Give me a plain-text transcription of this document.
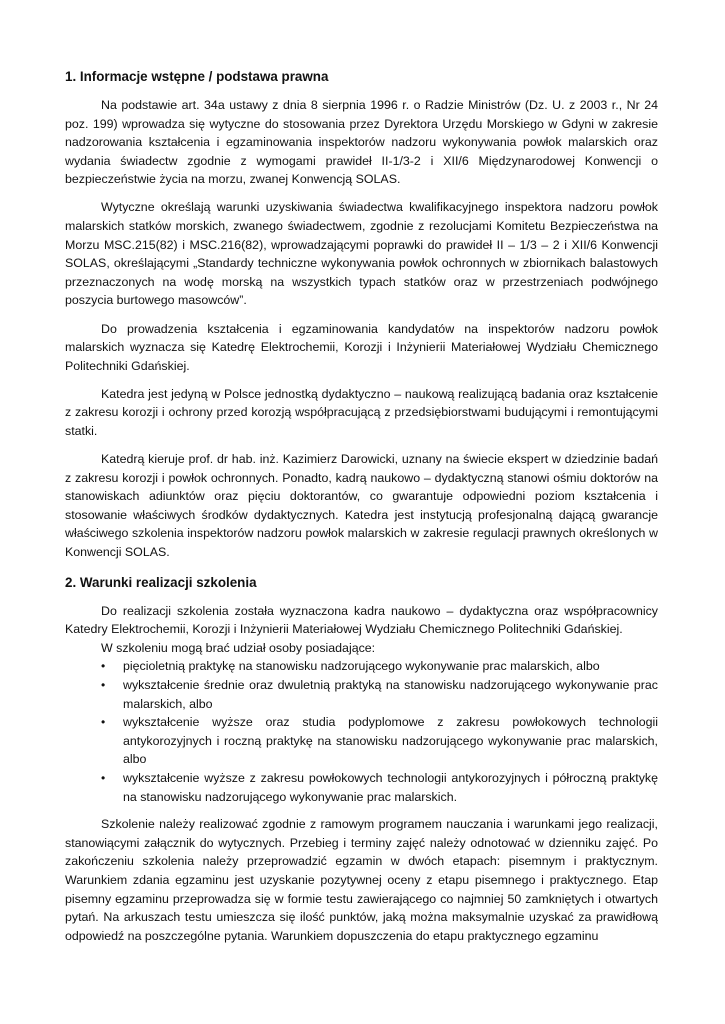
1. Informacje wstępne / podstawa prawna

Na podstawie art. 34a ustawy z dnia 8 sierpnia 1996 r. o Radzie Ministrów (Dz. U. z 2003 r., Nr 24 poz. 199) wprowadza się wytyczne do stosowania przez Dyrektora Urzędu Morskiego w Gdyni w zakresie nadzorowania kształcenia i egzaminowania inspektorów nadzoru wykonywania powłok malarskich oraz wydania świadectw zgodnie z wymogami prawideł II-1/3-2 i XII/6 Międzynarodowej Konwencji o bezpieczeństwie życia na morzu, zwanej Konwencją SOLAS.

Wytyczne określają warunki uzyskiwania świadectwa kwalifikacyjnego inspektora nadzoru powłok malarskich statków morskich, zwanego świadectwem, zgodnie z rezolucjami Komitetu Bezpieczeństwa na Morzu MSC.215(82) i MSC.216(82), wprowadzającymi poprawki do prawideł II – 1/3 – 2 i XII/6 Konwencji SOLAS, określającymi „Standardy techniczne wykonywania powłok ochronnych w zbiornikach balastowych przeznaczonych na wodę morską na wszystkich typach statków oraz w przestrzeniach podwójnego poszycia burtowego masowców”.

Do prowadzenia kształcenia i egzaminowania kandydatów na inspektorów nadzoru powłok malarskich wyznacza się Katedrę Elektrochemii, Korozji i Inżynierii Materiałowej Wydziału Chemicznego Politechniki Gdańskiej.

Katedra jest jedyną w Polsce jednostką dydaktyczno – naukową realizującą badania oraz kształcenie z zakresu korozji i ochrony przed korozją współpracującą z przedsiębiorstwami budującymi i remontującymi statki.

Katedrą kieruje prof. dr hab. inż. Kazimierz Darowicki, uznany na świecie ekspert w dziedzinie badań z zakresu korozji i powłok ochronnych. Ponadto, kadrą naukowo – dydaktyczną stanowi ośmiu doktorów na stanowiskach adiunktów oraz pięciu doktorantów, co gwarantuje odpowiedni poziom kształcenia i stosowanie właściwych środków dydaktycznych. Katedra jest instytucją profesjonalną dającą gwarancje właściwego szkolenia inspektorów nadzoru powłok malarskich w zakresie regulacji prawnych określonych w Konwencji SOLAS.

2. Warunki realizacji szkolenia

Do realizacji szkolenia została wyznaczona kadra naukowo – dydaktyczna oraz współpracownicy Katedry Elektrochemii, Korozji i Inżynierii Materiałowej Wydziału Chemicznego Politechniki Gdańskiej.

W szkoleniu mogą brać udział osoby posiadające:

• pięcioletnią praktykę na stanowisku nadzorującego wykonywanie prac malarskich, albo
• wykształcenie średnie oraz dwuletnią praktyką na stanowisku nadzorującego wykonywanie prac malarskich, albo
• wykształcenie wyższe oraz studia podyplomowe z zakresu powłokowych technologii antykorozyjnych i roczną praktykę na stanowisku nadzorującego wykonywanie prac malarskich, albo
• wykształcenie wyższe z zakresu powłokowych technologii antykorozyjnych i półroczną praktykę na stanowisku nadzorującego wykonywanie prac malarskich.

Szkolenie należy realizować zgodnie z ramowym programem nauczania i warunkami jego realizacji, stanowiącymi załącznik do wytycznych. Przebieg i terminy zajęć należy odnotować w dzienniku zajęć. Po zakończeniu szkolenia należy przeprowadzić egzamin w dwóch etapach: pisemnym i praktycznym. Warunkiem zdania egzaminu jest uzyskanie pozytywnej oceny z etapu pisemnego i praktycznego. Etap pisemny egzaminu przeprowadza się w formie testu zawierającego co najmniej 50 zamkniętych i otwartych pytań. Na arkuszach testu umieszcza się ilość punktów, jaką można maksymalnie uzyskać za prawidłową odpowiedź na poszczególne pytania. Warunkiem dopuszczenia do etapu praktycznego egzaminu
